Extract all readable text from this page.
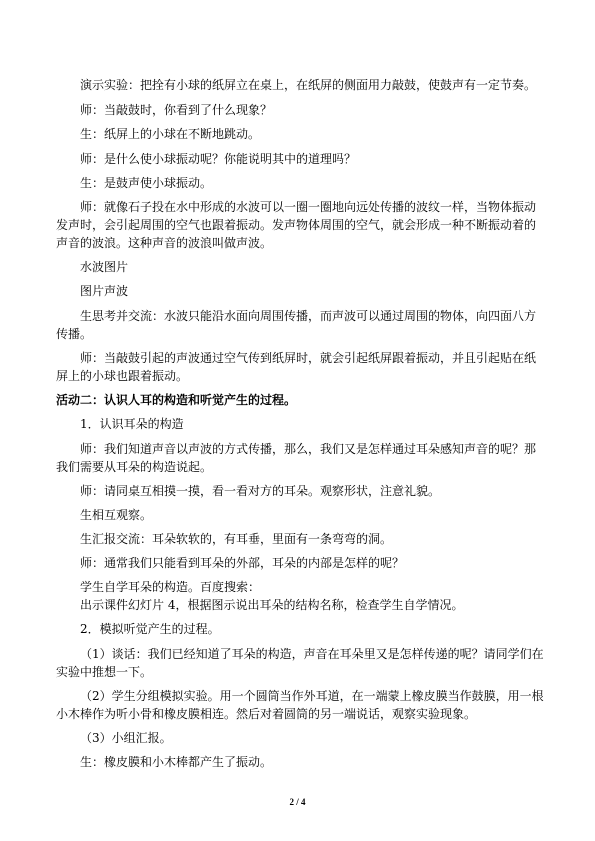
演示实验：把拴有小球的纸屏立在桌上，在纸屏的侧面用力敲鼓，使鼓声有一定节奏。
师：当敲鼓时，你看到了什么现象？
生：纸屏上的小球在不断地跳动。
师：是什么使小球振动呢？你能说明其中的道理吗？
生：是鼓声使小球振动。
师：就像石子投在水中形成的水波可以一圈一圈地向远处传播的波纹一样，当物体振动
发声时，会引起周围的空气也跟着振动。发声物体周围的空气，就会形成一种不断振动着的
声音的波浪。这种声音的波浪叫做声波。
水波图片
图片声波
生思考并交流：水波只能沿水面向周围传播，而声波可以通过周围的物体，向四面八方
传播。
师：当敲鼓引起的声波通过空气传到纸屏时，就会引起纸屏跟着振动，并且引起贴在纸
屏上的小球也跟着振动。
活动二：认识人耳的构造和听觉产生的过程。
1．认识耳朵的构造
师：我们知道声音以声波的方式传播，那么，我们又是怎样通过耳朵感知声音的呢？那
我们需要从耳朵的构造说起。
师：请同桌互相摸一摸，看一看对方的耳朵。观察形状，注意礼貌。
生相互观察。
生汇报交流：耳朵软软的，有耳垂，里面有一条弯弯的洞。
师：通常我们只能看到耳朵的外部，耳朵的内部是怎样的呢？
学生自学耳朵的构造。百度搜索：
出示课件幻灯片 4，根据图示说出耳朵的结构名称，检查学生自学情况。
2．模拟听觉产生的过程。
（1）谈话：我们已经知道了耳朵的构造，声音在耳朵里又是怎样传递的呢？请同学们在
实验中推想一下。
（2）学生分组模拟实验。用一个圆筒当作外耳道，在一端蒙上橡皮膜当作鼓膜，用一根
小木棒作为听小骨和橡皮膜相连。然后对着圆筒的另一端说话，观察实验现象。
（3）小组汇报。
生：橡皮膜和小木棒都产生了振动。
2 / 4
